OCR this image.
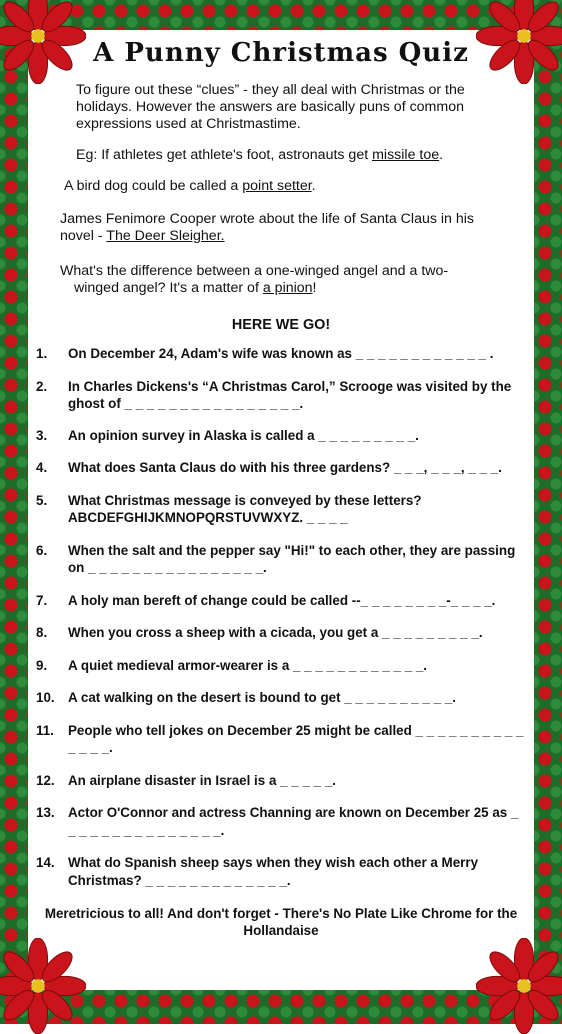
A Punny Christmas Quiz
To figure out these “clues” - they all deal with Christmas or the holidays. However the answers are basically puns of common expressions used at Christmastime.
Eg: If athletes get athlete's foot, astronauts get missile toe.
A bird dog could be called a point setter.
James Fenimore Cooper wrote about the life of Santa Claus in his novel - The Deer Sleigher.
What's the difference between a one-winged angel and a two-
winged angel? It's a matter of a pinion!
HERE WE GO!
1.	On December 24, Adam's wife was known as _ _ _ _ _ _ _ _ _ _ _ _ .
2.	In Charles Dickens's “A Christmas Carol,” Scrooge was visited by the ghost of _ _ _ _ _ _ _ _ _ _ _ _ _ _ _ _.
3.	An opinion survey in Alaska is called a _ _ _ _ _ _ _ _ _.
4.	What does Santa Claus do with his three gardens? _ _ _, _ _ _, _ _ _.
5.	What Christmas message is conveyed by these letters? ABCDEFGHIJKMNOPQRSTUVWXYZ. _ _ _ _
6.	When the salt and the pepper say "Hi!" to each other, they are passing on _ _ _ _ _ _ _ _ _ _ _ _ _ _ _ _.
7.	A holy man bereft of change could be called --_ _ _ _ _ _ _ _-_ _ _ _.
8.	When you cross a sheep with a cicada, you get a _ _ _ _ _ _ _ _ _.
9.	A quiet medieval armor-wearer is a _ _ _ _ _ _ _ _ _ _ _ _.
10. A cat walking on the desert is bound to get _ _ _ _ _ _ _ _ _ _.
11.	People who tell jokes on December 25 might be called _ _ _ _ _ _ _ _ _ _ _ _ _ _.
12. An airplane disaster in Israel is a _ _ _ _ _.
13. Actor O'Connor and actress Channing are known on December 25 as _ _ _ _ _ _ _ _ _ _ _ _ _ _ _.
14. What do Spanish sheep says when they wish each other a Merry Christmas? _ _ _ _ _ _ _ _ _ _ _ _ _.
Meretricious to all! And don't forget - There's No Plate Like Chrome for the Hollandaise
